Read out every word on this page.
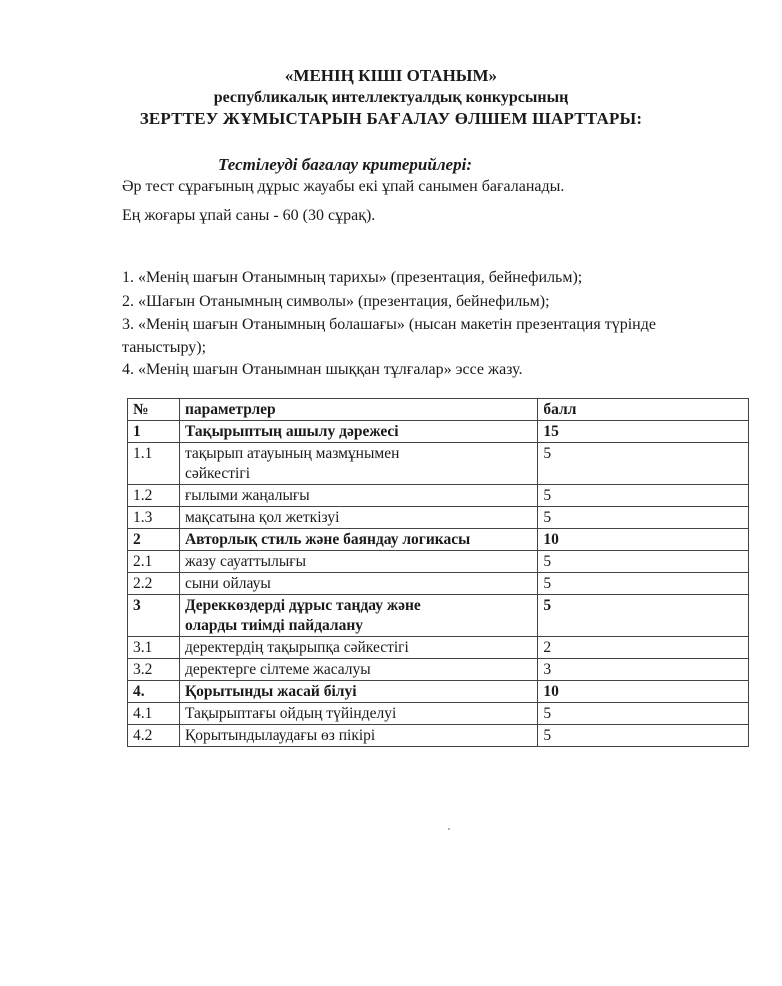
«МЕНІҢ КІШІ ОТАНЫМ»
республикалық интеллектуалдық конкурсының
ЗЕРТТЕУ ЖҰМЫСТАРЫН БАҒАЛАУ ӨЛШЕМ ШАРТТАРЫ:
Тестілеуді бағалау критерийлері:
Әр тест сұрағының дұрыс жауабы екі ұпай санымен бағаланады.
Ең жоғары ұпай саны - 60 (30 сұрақ).
1. «Менің шағын Отанымның тарихы» (презентация, бейнефильм);
2. «Шағын Отанымның символы» (презентация, бейнефильм);
3. «Менің шағын Отанымның болашағы» (нысан макетін презентация түрінде
таныстыру);
4. «Менің шағын Отанымнан шыққан тұлғалар» эссе жазу.
№	параметрлер	балл
1	Тақырыптың ашылу дәрежесі	15
1.1	тақырып атауының мазмұнымен
сәйкестігі	5
1.2	ғылыми жаңалығы	5
1.3	мақсатына қол жеткізуі	5
2	Авторлық стиль және баяндау логикасы	10
2.1	жазу сауаттылығы	5
2.2	сыни ойлауы	5
3	Дереккөздерді дұрыс таңдау және
оларды тиімді пайдалану	5
3.1	деректердің тақырыпқа сәйкестігі	2
3.2	деректерге сілтеме жасалуы	3
4.	Қорытынды жасай білуі	10
4.1	Тақырыптағы ойдың түйінделуі	5
4.2	Қорытындылаудағы өз пікірі	5
